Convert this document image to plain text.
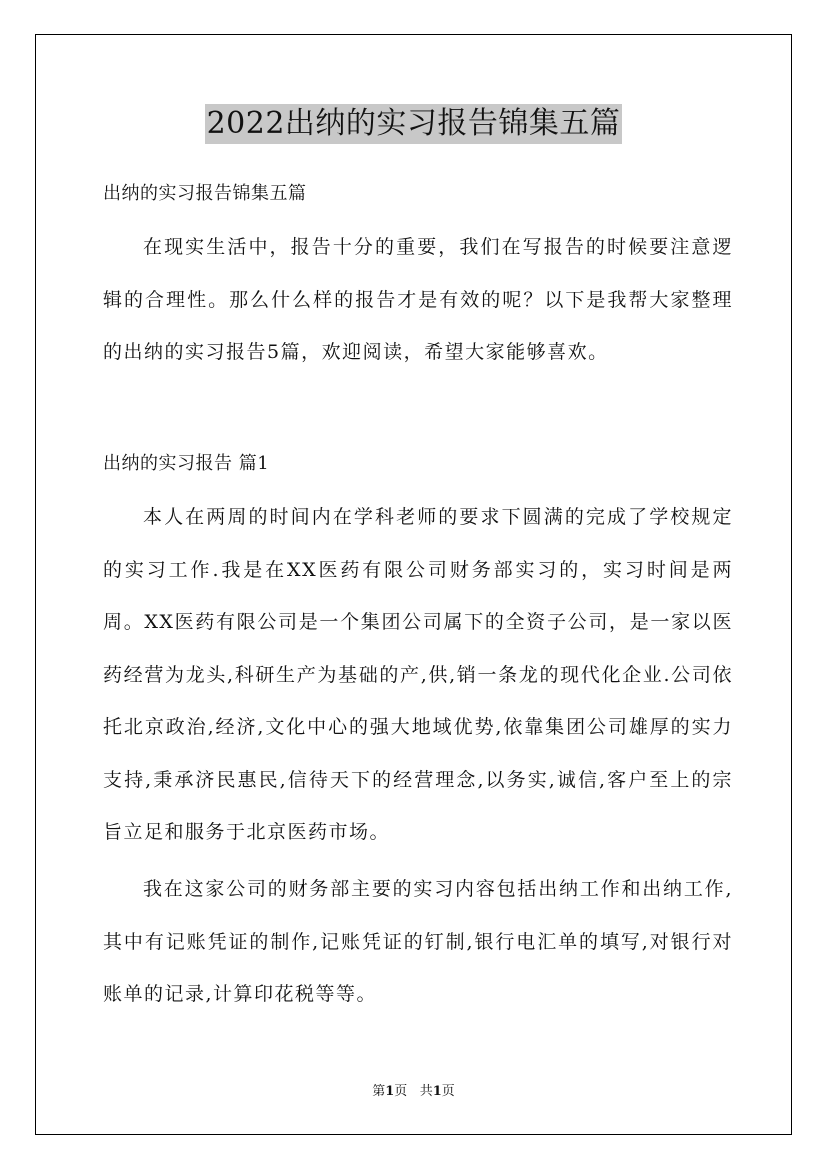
2022出纳的实习报告锦集五篇
出纳的实习报告锦集五篇

在现实生活中，报告十分的重要，我们在写报告的时候要注意逻辑的合理性。那么什么样的报告才是有效的呢？以下是我帮大家整理的出纳的实习报告5篇，欢迎阅读，希望大家能够喜欢。

出纳的实习报告 篇1

本人在两周的时间内在学科老师的要求下圆满的完成了学校规定的实习工作.我是在XX医药有限公司财务部实习的，实习时间是两周。XX医药有限公司是一个集团公司属下的全资子公司，是一家以医药经营为龙头,科研生产为基础的产,供,销一条龙的现代化企业.公司依托北京政治,经济,文化中心的强大地域优势,依靠集团公司雄厚的实力支持,秉承济民惠民,信待天下的经营理念,以务实,诚信,客户至上的宗旨立足和服务于北京医药市场。

我在这家公司的财务部主要的实习内容包括出纳工作和出纳工作,其中有记账凭证的制作,记账凭证的钉制,银行电汇单的填写,对银行对账单的记录,计算印花税等等。

第1页   共1页
